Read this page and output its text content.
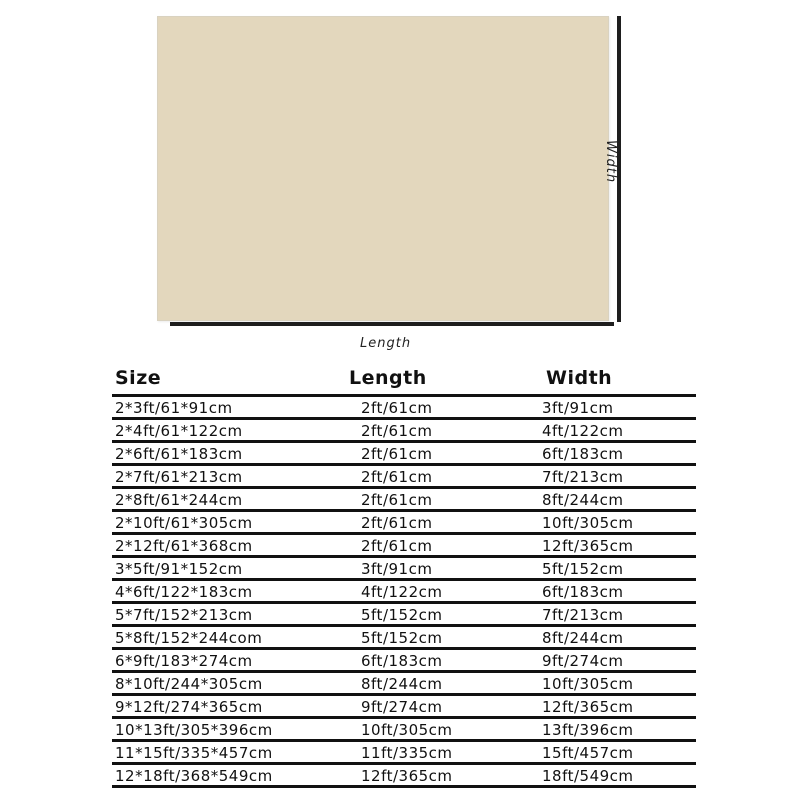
Width
Length
Size	Length	Width
2*3ft/61*91cm	2ft/61cm	3ft/91cm
2*4ft/61*122cm	2ft/61cm	4ft/122cm
2*6ft/61*183cm	2ft/61cm	6ft/183cm
2*7ft/61*213cm	2ft/61cm	7ft/213cm
2*8ft/61*244cm	2ft/61cm	8ft/244cm
2*10ft/61*305cm	2ft/61cm	10ft/305cm
2*12ft/61*368cm	2ft/61cm	12ft/365cm
3*5ft/91*152cm	3ft/91cm	5ft/152cm
4*6ft/122*183cm	4ft/122cm	6ft/183cm
5*7ft/152*213cm	5ft/152cm	7ft/213cm
5*8ft/152*244com	5ft/152cm	8ft/244cm
6*9ft/183*274cm	6ft/183cm	9ft/274cm
8*10ft/244*305cm	8ft/244cm	10ft/305cm
9*12ft/274*365cm	9ft/274cm	12ft/365cm
10*13ft/305*396cm	10ft/305cm	13ft/396cm
11*15ft/335*457cm	11ft/335cm	15ft/457cm
12*18ft/368*549cm	12ft/365cm	18ft/549cm
